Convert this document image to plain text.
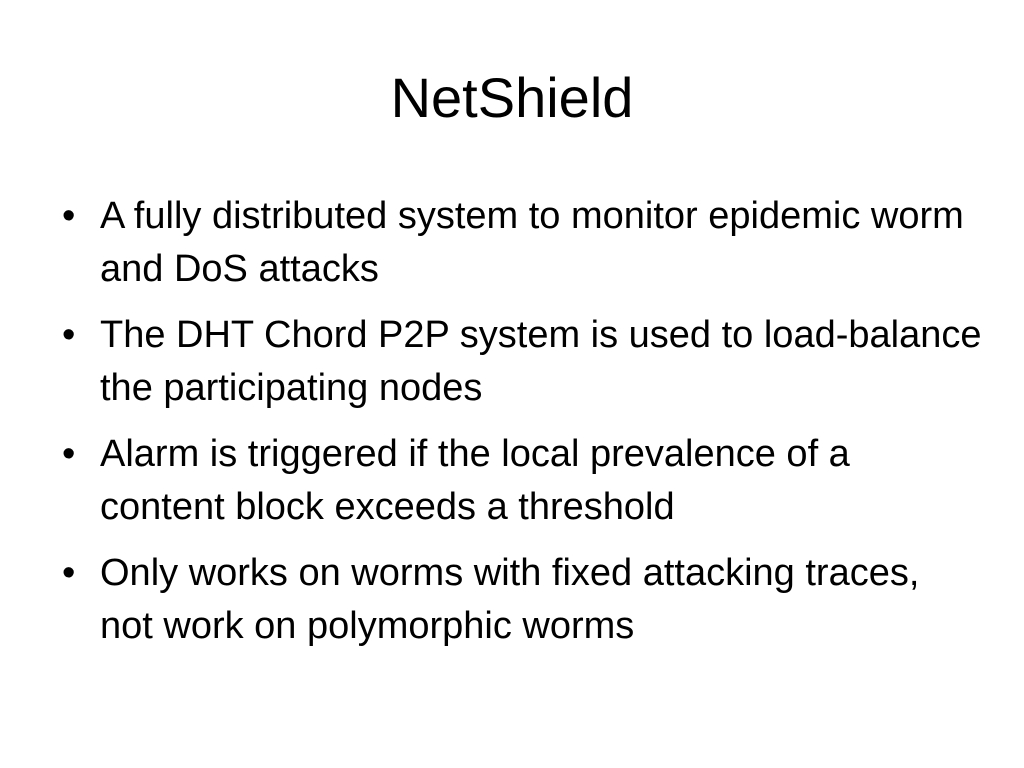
NetShield
• A fully distributed system to monitor epidemic worm and DoS attacks
• The DHT Chord P2P system is used to load-balance the participating nodes
• Alarm is triggered if the local prevalence of a content block exceeds a threshold
• Only works on worms with fixed attacking traces, not work on polymorphic worms
